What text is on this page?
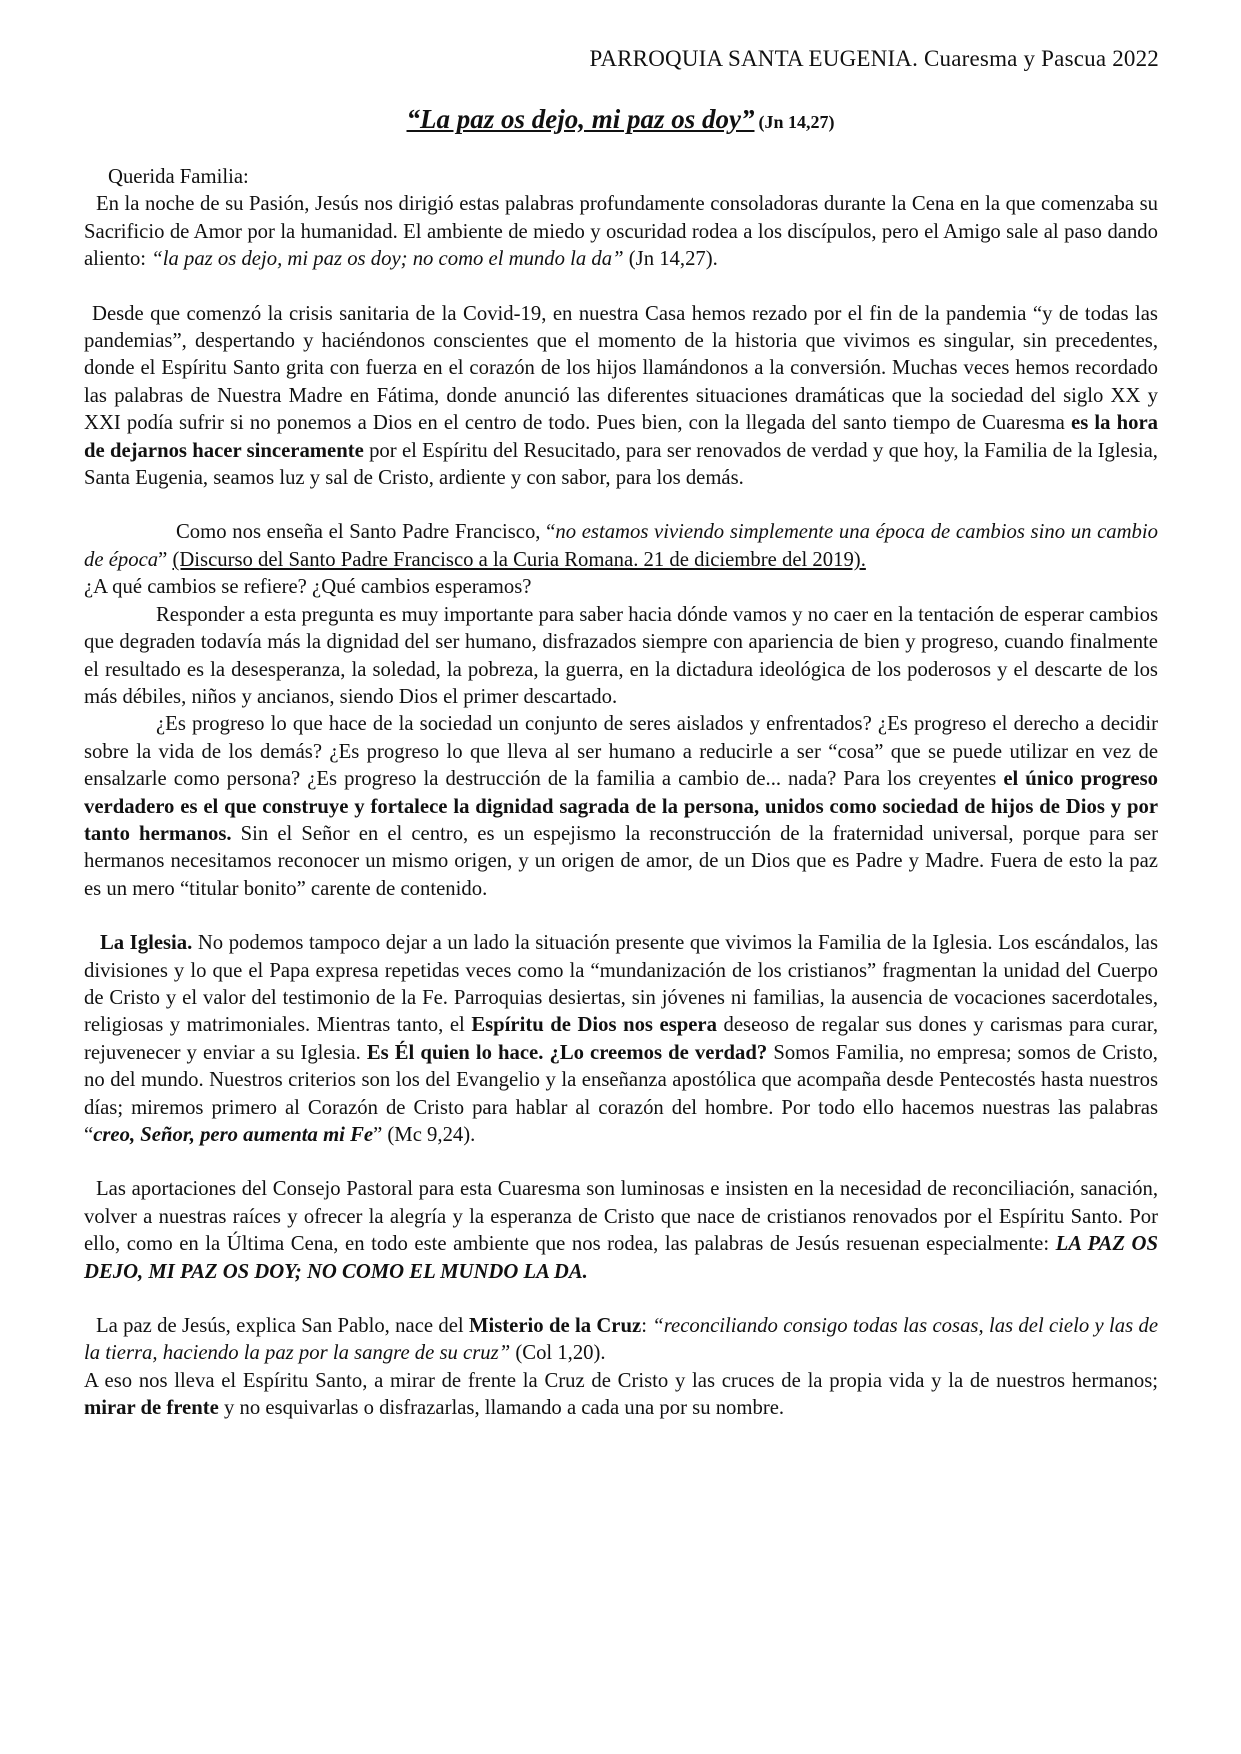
PARROQUIA SANTA EUGENIA. Cuaresma y Pascua 2022
“La paz os dejo, mi paz os doy” (Jn 14,27)

Querida Familia:

En la noche de su Pasión, Jesús nos dirigió estas palabras profundamente consoladoras durante la Cena en la que comenzaba su Sacrificio de Amor por la humanidad. El ambiente de miedo y oscuridad rodea a los discípulos, pero el Amigo sale al paso dando aliento: “la paz os dejo, mi paz os doy; no como el mundo la da” (Jn 14,27).

Desde que comenzó la crisis sanitaria de la Covid-19, en nuestra Casa hemos rezado por el fin de la pandemia “y de todas las pandemias”, despertando y haciéndonos conscientes que el momento de la historia que vivimos es singular, sin precedentes, donde el Espíritu Santo grita con fuerza en el corazón de los hijos llamándonos a la conversión. Muchas veces hemos recordado las palabras de Nuestra Madre en Fátima, donde anunció las diferentes situaciones dramáticas que la sociedad del siglo XX y XXI podía sufrir si no ponemos a Dios en el centro de todo. Pues bien, con la llegada del santo tiempo de Cuaresma es la hora de dejarnos hacer sinceramente por el Espíritu del Resucitado, para ser renovados de verdad y que hoy, la Familia de la Iglesia, Santa Eugenia, seamos luz y sal de Cristo, ardiente y con sabor, para los demás.

Como nos enseña el Santo Padre Francisco, “no estamos viviendo simplemente una época de cambios sino un cambio de época” (Discurso del Santo Padre Francisco a la Curia Romana. 21 de diciembre del 2019).

¿A qué cambios se refiere? ¿Qué cambios esperamos?

Responder a esta pregunta es muy importante para saber hacia dónde vamos y no caer en la tentación de esperar cambios que degraden todavía más la dignidad del ser humano, disfrazados siempre con apariencia de bien y progreso, cuando finalmente el resultado es la desesperanza, la soledad, la pobreza, la guerra, en la dictadura ideológica de los poderosos y el descarte de los más débiles, niños y ancianos, siendo Dios el primer descartado.

¿Es progreso lo que hace de la sociedad un conjunto de seres aislados y enfrentados? ¿Es progreso el derecho a decidir sobre la vida de los demás? ¿Es progreso lo que lleva al ser humano a reducirle a ser “cosa” que se puede utilizar en vez de ensalzarle como persona? ¿Es progreso la destrucción de la familia a cambio de... nada? Para los creyentes el único progreso verdadero es el que construye y fortalece la dignidad sagrada de la persona, unidos como sociedad de hijos de Dios y por tanto hermanos. Sin el Señor en el centro, es un espejismo la reconstrucción de la fraternidad universal, porque para ser hermanos necesitamos reconocer un mismo origen, y un origen de amor, de un Dios que es Padre y Madre. Fuera de esto la paz es un mero “titular bonito” carente de contenido.

La Iglesia. No podemos tampoco dejar a un lado la situación presente que vivimos la Familia de la Iglesia. Los escándalos, las divisiones y lo que el Papa expresa repetidas veces como la “mundanización de los cristianos” fragmentan la unidad del Cuerpo de Cristo y el valor del testimonio de la Fe. Parroquias desiertas, sin jóvenes ni familias, la ausencia de vocaciones sacerdotales, religiosas y matrimoniales. Mientras tanto, el Espíritu de Dios nos espera deseoso de regalar sus dones y carismas para curar, rejuvenecer y enviar a su Iglesia. Es Él quien lo hace. ¿Lo creemos de verdad? Somos Familia, no empresa; somos de Cristo, no del mundo. Nuestros criterios son los del Evangelio y la enseñanza apostólica que acompaña desde Pentecostés hasta nuestros días; miremos primero al Corazón de Cristo para hablar al corazón del hombre. Por todo ello hacemos nuestras las palabras “creo, Señor, pero aumenta mi Fe” (Mc 9,24).

Las aportaciones del Consejo Pastoral para esta Cuaresma son luminosas e insisten en la necesidad de reconciliación, sanación, volver a nuestras raíces y ofrecer la alegría y la esperanza de Cristo que nace de cristianos renovados por el Espíritu Santo. Por ello, como en la Última Cena, en todo este ambiente que nos rodea, las palabras de Jesús resuenan especialmente: LA PAZ OS DEJO, MI PAZ OS DOY; NO COMO EL MUNDO LA DA.

La paz de Jesús, explica San Pablo, nace del Misterio de la Cruz: “reconciliando consigo todas las cosas, las del cielo y las de la tierra, haciendo la paz por la sangre de su cruz” (Col 1,20).

A eso nos lleva el Espíritu Santo, a mirar de frente la Cruz de Cristo y las cruces de la propia vida y la de nuestros hermanos; mirar de frente y no esquivarlas o disfrazarlas, llamando a cada una por su nombre.
